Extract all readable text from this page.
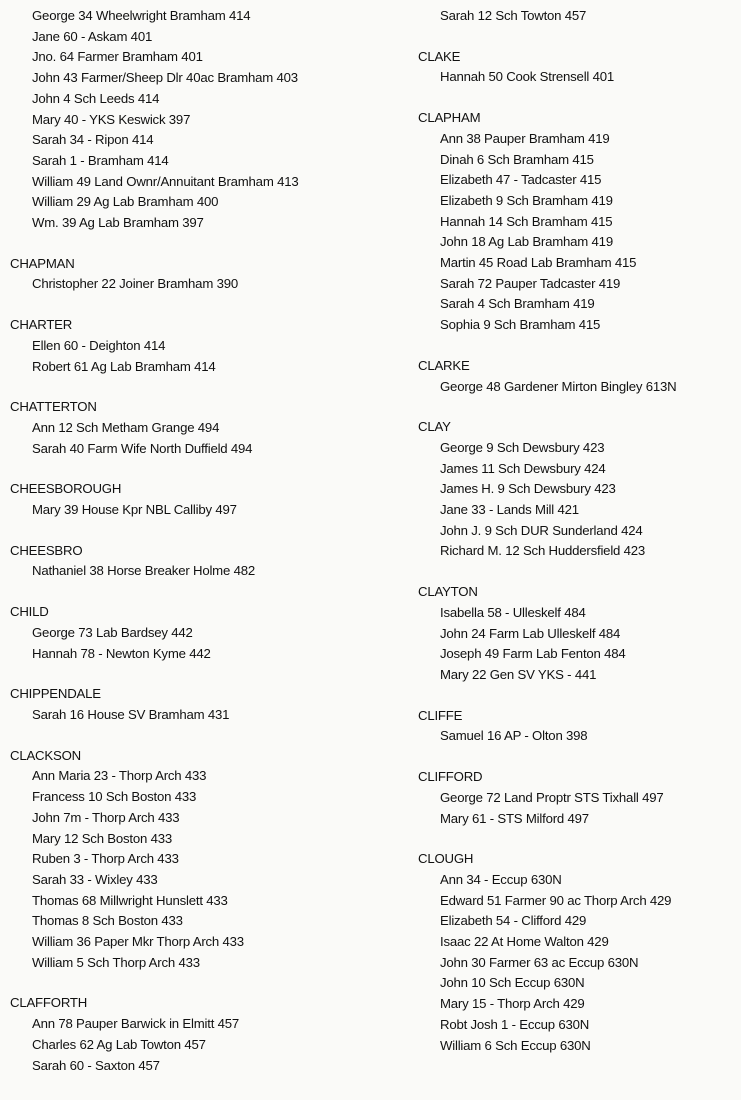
George 34 Wheelwright Bramham 414
Jane 60 - Askam 401
Jno. 64 Farmer Bramham 401
John 43 Farmer/Sheep Dlr 40ac Bramham 403
John 4 Sch Leeds 414
Mary 40 - YKS Keswick 397
Sarah 34 - Ripon 414
Sarah 1 - Bramham 414
William 49 Land Ownr/Annuitant Bramham 413
William 29 Ag Lab Bramham 400
Wm. 39 Ag Lab Bramham 397
CHAPMAN
Christopher 22 Joiner Bramham 390
CHARTER
Ellen 60 - Deighton 414
Robert 61 Ag Lab Bramham 414
CHATTERTON
Ann 12 Sch Metham Grange 494
Sarah 40 Farm Wife North Duffield 494
CHEESBOROUGH
Mary 39 House Kpr NBL Calliby 497
CHEESBRO
Nathaniel 38 Horse Breaker Holme 482
CHILD
George 73 Lab Bardsey 442
Hannah 78 - Newton Kyme 442
CHIPPENDALE
Sarah 16 House SV Bramham 431
CLACKSON
Ann Maria 23 - Thorp Arch 433
Francess 10 Sch Boston 433
John 7m - Thorp Arch 433
Mary 12 Sch Boston 433
Ruben 3 - Thorp Arch 433
Sarah 33 - Wixley 433
Thomas 68 Millwright Hunslett 433
Thomas 8 Sch Boston 433
William 36 Paper Mkr Thorp Arch 433
William 5 Sch Thorp Arch 433
CLAFFORTH
Ann 78 Pauper Barwick in Elmitt 457
Charles 62 Ag Lab Towton 457
Sarah 60 - Saxton 457
Sarah 12 Sch Towton 457
CLAKE
Hannah 50 Cook Strensell 401
CLAPHAM
Ann 38 Pauper Bramham 419
Dinah 6 Sch Bramham 415
Elizabeth 47 - Tadcaster 415
Elizabeth 9 Sch Bramham 419
Hannah 14 Sch Bramham 415
John 18 Ag Lab Bramham 419
Martin 45 Road Lab Bramham 415
Sarah 72 Pauper Tadcaster 419
Sarah 4 Sch Bramham 419
Sophia 9 Sch Bramham 415
CLARKE
George 48 Gardener Mirton Bingley 613N
CLAY
George 9 Sch Dewsbury 423
James 11 Sch Dewsbury 424
James H. 9 Sch Dewsbury 423
Jane 33 - Lands Mill 421
John J. 9 Sch DUR Sunderland 424
Richard M. 12 Sch Huddersfield 423
CLAYTON
Isabella 58 - Ulleskelf 484
John 24 Farm Lab Ulleskelf 484
Joseph 49 Farm Lab Fenton 484
Mary 22 Gen SV YKS - 441
CLIFFE
Samuel 16 AP - Olton 398
CLIFFORD
George 72 Land Proptr STS Tixhall 497
Mary 61 - STS Milford 497
CLOUGH
Ann 34 - Eccup 630N
Edward 51 Farmer 90 ac Thorp Arch 429
Elizabeth 54 - Clifford 429
Isaac 22 At Home Walton 429
John 30 Farmer 63 ac Eccup 630N
John 10 Sch Eccup 630N
Mary 15 - Thorp Arch 429
Robt Josh 1 - Eccup 630N
William 6 Sch Eccup 630N
